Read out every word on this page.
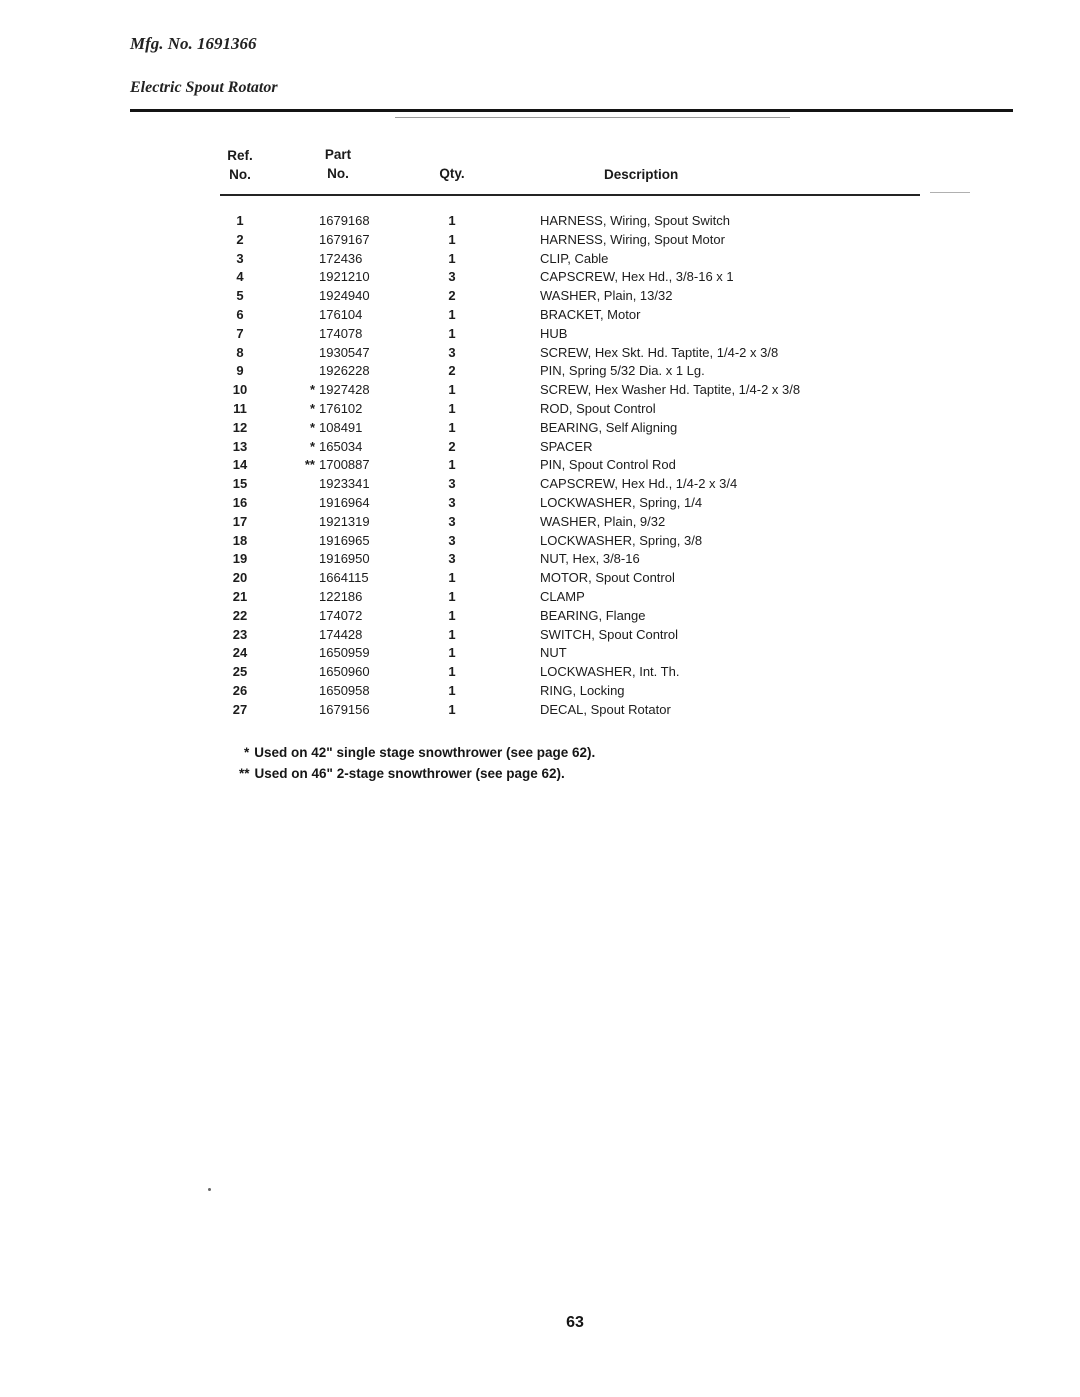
Mfg. No. 1691366
Electric Spout Rotator
Ref.
No.
Part
No.	Qty.	Description
1	1679168	1	HARNESS, Wiring, Spout Switch
2	1679167	1	HARNESS, Wiring, Spout Motor
3	172436	1	CLIP, Cable
4	1921210	3	CAPSCREW, Hex Hd., 3/8-16 x 1
5	1924940	2	WASHER, Plain, 13/32
6	176104	1	BRACKET, Motor
7	174078	1	HUB
8	1930547	3	SCREW, Hex Skt. Hd. Taptite, 1/4-2 x 3/8
9	1926228	2	PIN, Spring 5/32 Dia. x 1 Lg.
10	* 1927428	1	SCREW, Hex Washer Hd. Taptite, 1/4-2 x 3/8
11	* 176102	1	ROD, Spout Control
12	* 108491	1	BEARING, Self Aligning
13	* 165034	2	SPACER
14	** 1700887	1	PIN, Spout Control Rod
15	1923341	3	CAPSCREW, Hex Hd., 1/4-2 x 3/4
16	1916964	3	LOCKWASHER, Spring, 1/4
17	1921319	3	WASHER, Plain, 9/32
18	1916965	3	LOCKWASHER, Spring, 3/8
19	1916950	3	NUT, Hex, 3/8-16
20	1664115	1	MOTOR, Spout Control
21	122186	1	CLAMP
22	174072	1	BEARING, Flange
23	174428	1	SWITCH, Spout Control
24	1650959	1	NUT
25	1650960	1	LOCKWASHER, Int. Th.
26	1650958	1	RING, Locking
27	1679156	1	DECAL, Spout Rotator
* Used on 42" single stage snowthrower (see page 62).
** Used on 46" 2-stage snowthrower (see page 62).
63
